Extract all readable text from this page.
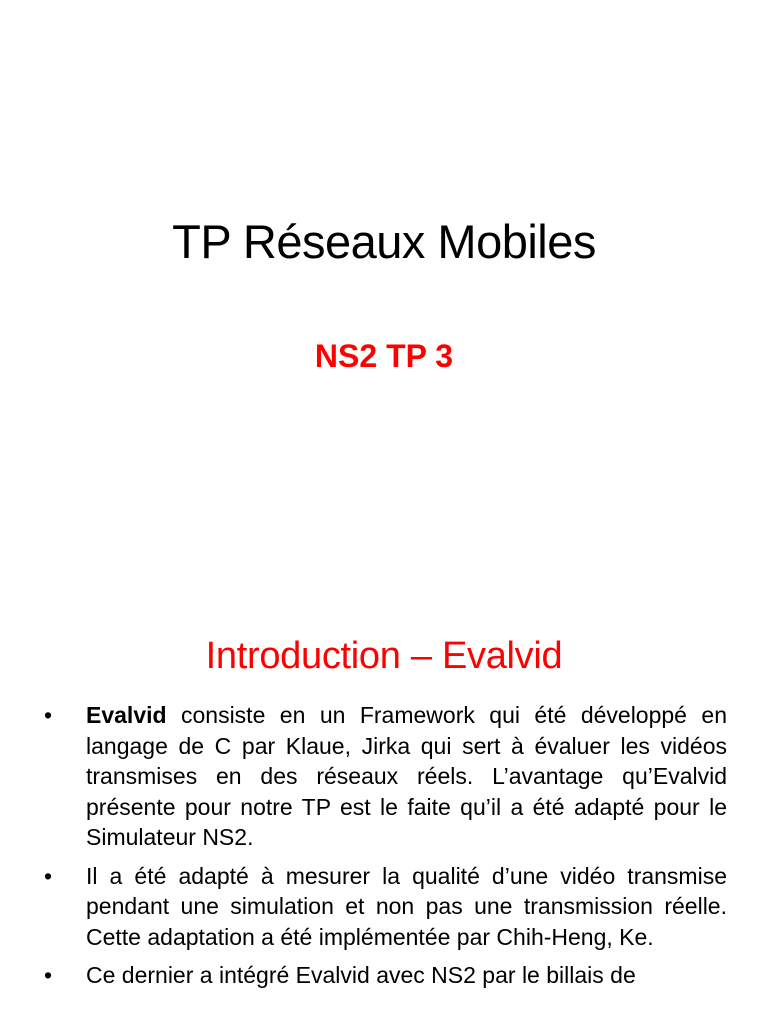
TP Réseaux Mobiles
NS2 TP 3
Introduction – Evalvid
• Evalvid consiste en un Framework qui été développé en langage de C par Klaue, Jirka qui sert à évaluer les vidéos transmises en des réseaux réels. L’avantage qu’Evalvid présente pour notre TP est le faite qu’il a été adapté pour le Simulateur NS2.
• Il a été adapté à mesurer la qualité d’une vidéo transmise pendant une simulation et non pas une transmission réelle. Cette adaptation a été implémentée par Chih-Heng, Ke.
• Ce dernier a intégré Evalvid avec NS2 par le billais de
